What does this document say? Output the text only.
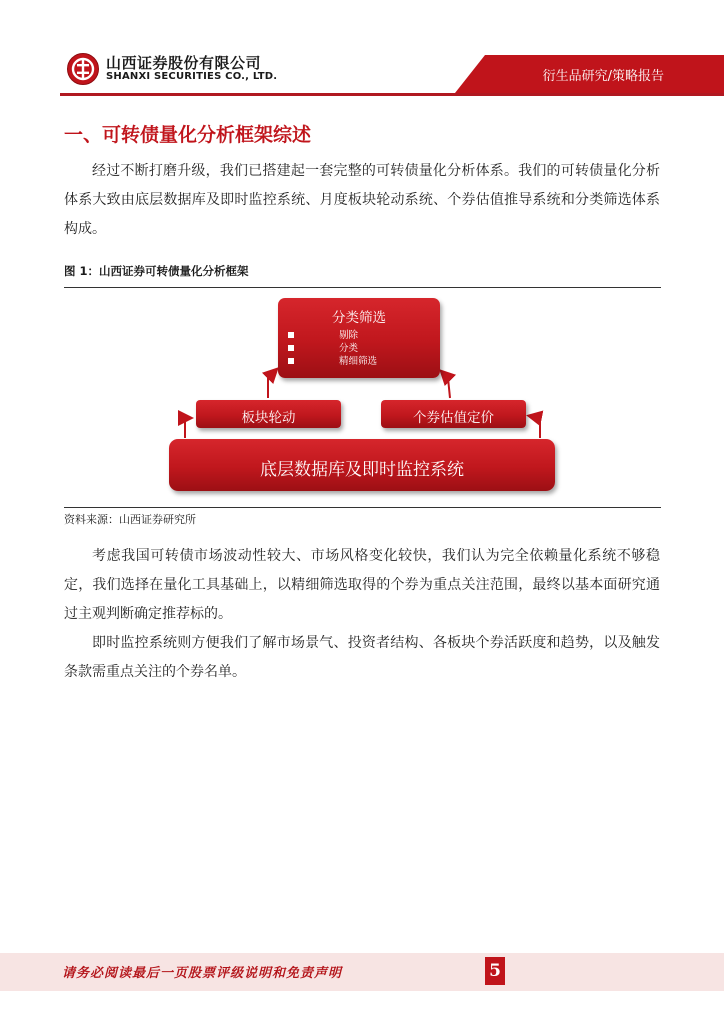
山西证券股份有限公司
SHANXI SECURITIES CO., LTD.	衍生品研究/策略报告
一、可转债量化分析框架综述

经过不断打磨升级，我们已搭建起一套完整的可转债量化分析体系。我们的可转债量化分析体系大致由底层数据库及即时监控系统、月度板块轮动系统、个券估值推导系统和分类筛选体系构成。

图 1：山西证券可转债量化分析框架
分类筛选
剔除
分类
精细筛选
板块轮动	个券估值定价
底层数据库及即时监控系统
资料来源：山西证券研究所

考虑我国可转债市场波动性较大、市场风格变化较快，我们认为完全依赖量化系统不够稳定，我们选择在量化工具基础上，以精细筛选取得的个券为重点关注范围，最终以基本面研究通过主观判断确定推荐标的。

即时监控系统则方便我们了解市场景气、投资者结构、各板块个券活跃度和趋势，以及触发条款需重点关注的个券名单。

请务必阅读最后一页股票评级说明和免责声明	5
